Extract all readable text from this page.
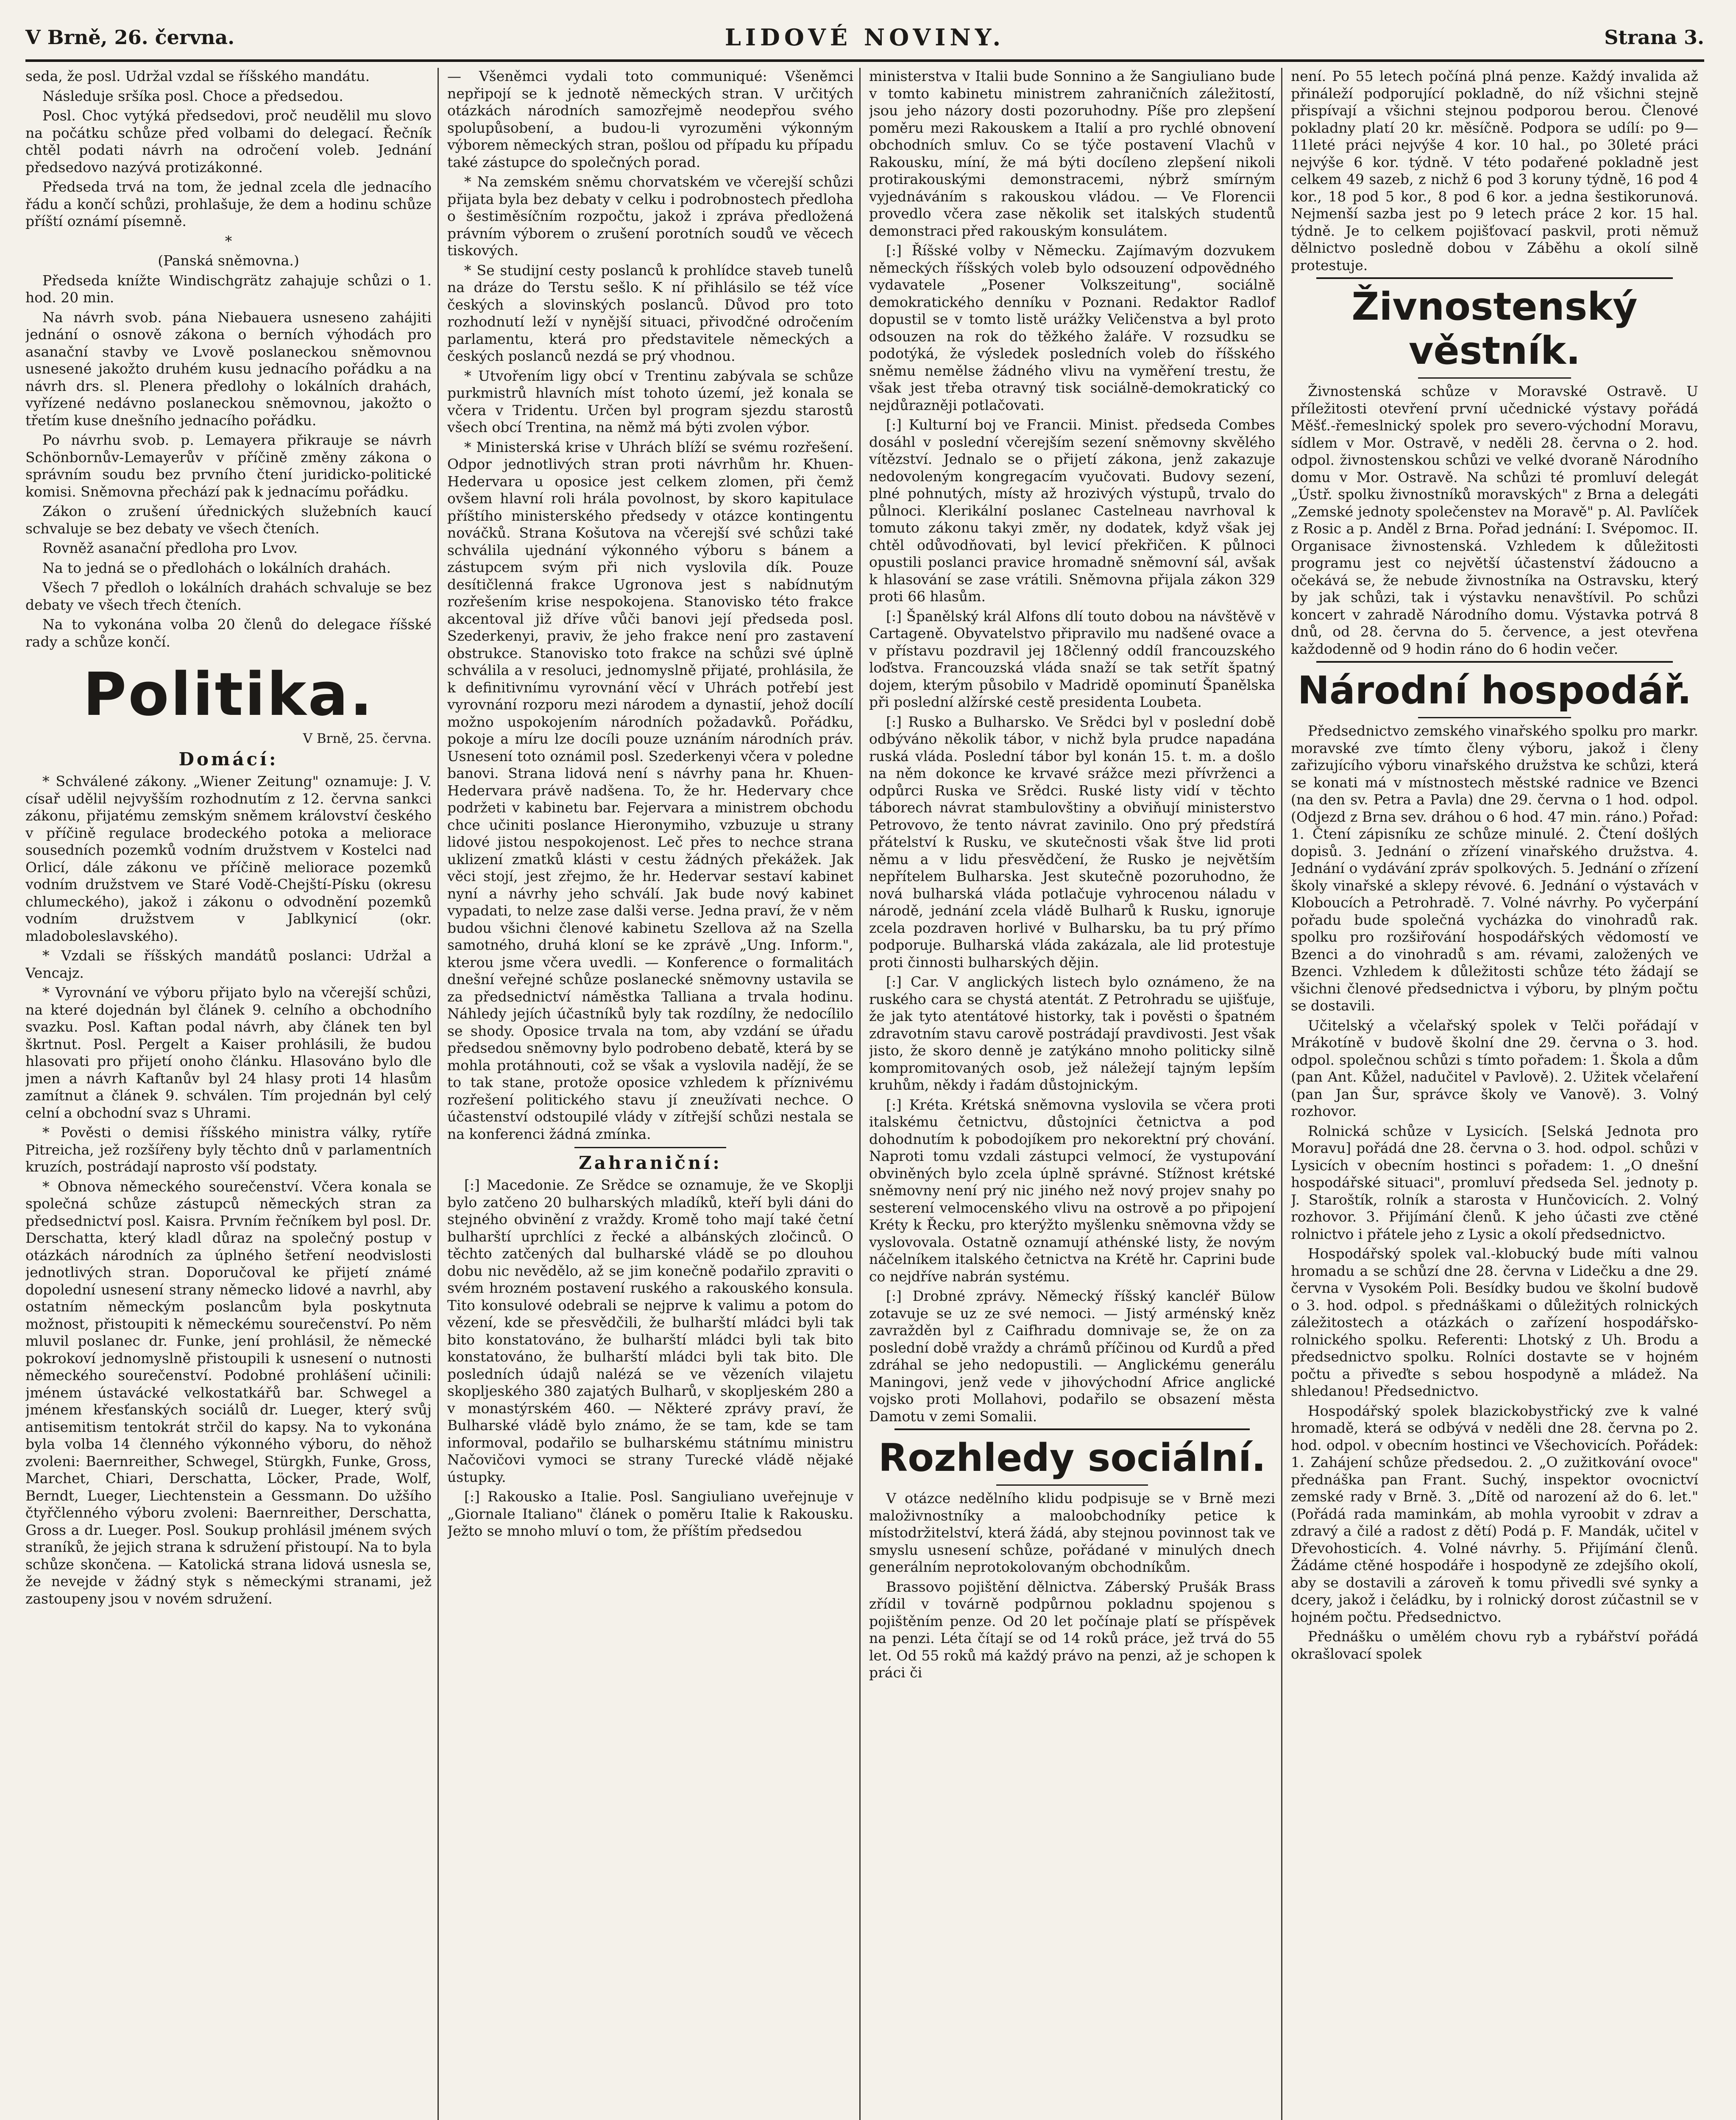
V Brně, 26. června.	LIDOVÉ NOVINY.	Strana 3.

seda, že posl. Udržal vzdal se říšského mandátu.

Následuje sršíka posl. Choce a předsedou.

Posl. Choc vytýká předsedovi, proč neudělil mu slovo na počátku schůze před volbami do delegací. Řečník chtěl podati návrh na odročení voleb. Jednání předsedovo nazývá protizákonné.

Předseda trvá na tom, že jednal zcela dle jednacího řádu a končí schůzi, prohlašuje, že dem a hodinu schůze příští oznámí písemně.

*

(Panská sněmovna.)

Předseda knížte Windischgrätz zahajuje schůzi o 1. hod. 20 min.

Na návrh svob. pána Niebauera usneseno zahájiti jednání o osnově zákona o berních výhodách pro asanační stavby ve Lvově poslaneckou sněmovnou usnesené jakožto druhém kusu jednacího pořádku a na návrh drs. sl. Plenera předlohy o lokálních drahách, vyřízené nedávno poslaneckou sněmovnou, jakožto o třetím kuse dnešního jednacího pořádku.

Po návrhu svob. p. Lemayera přikrauje se návrh Schönbornův-Lemayerův v příčině změny zákona o správním soudu bez prvního čtení juridicko-politické komisi. Sněmovna přechází pak k jednacímu pořádku.

Zákon o zrušení úřednických služebních kaucí schvaluje se bez debaty ve všech čteních.

Rovněž asanační předloha pro Lvov.

Na to jedná se o předlohách o lokálních drahách.

Všech 7 předloh o lokálních drahách schvaluje se bez debaty ve všech třech čteních.

Na to vykonána volba 20 členů do delegace říšské rady a schůze končí.

Politika.
V Brně, 25. června.
Domácí:

* Schválené zákony. „Wiener Zeitung" oznamuje: J. V. císař udělil nejvyšším rozhodnutím z 12. června sankci zákonu, přijatému zemským sněmem království českého v příčině regulace brodeckého potoka a meliorace sousedních pozemků vodním družstvem v Kostelci nad Orlicí, dále zákonu ve příčině meliorace pozemků vodním družstvem ve Staré Vodě-Chejští-Písku (okresu chlumeckého), jakož i zákonu o odvodnění pozemků vodním družstvem v Jablkynicí (okr. mladoboleslavského).

* Vzdali se říšských mandátů poslanci: Udržal a Vencajz.

* Vyrovnání ve výboru přijato bylo na včerejší schůzi, na které dojednán byl článek 9. celního a obchodního svazku. Posl. Kaftan podal návrh, aby článek ten byl škrtnut. Posl. Pergelt a Kaiser prohlásili, že budou hlasovati pro přijetí onoho článku. Hlasováno bylo dle jmen a návrh Kaftanův byl 24 hlasy proti 14 hlasům zamítnut a článek 9. schválen. Tím projednán byl celý celní a obchodní svaz s Uhrami.

* Pověsti o demisi říšského ministra války, rytíře Pitreicha, jež rozšířeny byly těchto dnů v parlamentních kruzích, postrádají naprosto vší podstaty.

* Obnova německého sourečenství. Včera konala se společná schůze zástupců německých stran za předsednictví posl. Kaisra. Prvním řečníkem byl posl. Dr. Derschatta, který kladl důraz na společný postup v otázkách národních za úplného šetření neodvislosti jednotlivých stran. Doporučoval ke přijetí známé dopolední usnesení strany německo lidové a navrhl, aby ostatním německým poslancům byla poskytnuta možnost, přistoupiti k německému sourečenství. Po něm mluvil poslanec dr. Funke, jení prohlásil, že německé pokrokoví jednomyslně přistoupili k usnesení o nutnosti německého sourečenství. Podobné prohlášení učinili: jménem ústavácké velkostatkářů bar. Schwegel a jménem křesťanských sociálů dr. Lueger, který svůj antisemitism tentokrát strčil do kapsy. Na to vykonána byla volba 14 členného výkonného výboru, do něhož zvoleni: Baernreither, Schwegel, Stürgkh, Funke, Gross, Marchet, Chiari, Derschatta, Löcker, Prade, Wolf, Berndt, Lueger, Liechtenstein a Gessmann. Do užšího čtyřčlenného výboru zvoleni: Baernreither, Derschatta, Gross a dr. Lueger. Posl. Soukup prohlásil jménem svých straníků, že jejich strana k sdružení přistoupí. Na to byla schůze skončena. — Katolická strana lidová usnesla se, že nevejde v žádný styk s německými stranami, jež zastoupeny jsou v novém sdružení.

— Všeněmci vydali toto communiqué: Všeněmci nepřipojí se k jednotě německých stran. V určitých otázkách národních samozřejmě neodepřou svého spolupůsobení, a budou-li vyrozuměni výkonným výborem německých stran, pošlou od případu ku případu také zástupce do společných porad.

* Na zemském sněmu chorvatském ve včerejší schůzi přijata byla bez debaty v celku i podrobnostech předloha o šestiměsíčním rozpočtu, jakož i zpráva předložená právním výborem o zrušení porotních soudů ve věcech tiskových.

* Se studijní cesty poslanců k prohlídce staveb tunelů na dráze do Terstu sešlo. K ní přihlásilo se též více českých a slovinských poslanců. Důvod pro toto rozhodnutí leží v nynější situaci, přivodčné odročením parlamentu, která pro představitele německých a českých poslanců nezdá se prý vhodnou.

* Utvořením ligy obcí v Trentinu zabývala se schůze purkmistrů hlavních míst tohoto území, jež konala se včera v Tridentu. Určen byl program sjezdu starostů všech obcí Trentina, na němž má býti zvolen výbor.

* Ministerská krise v Uhrách blíží se svému rozřešení. Odpor jednotlivých stran proti návrhům hr. Khuen-Hedervara u oposice jest celkem zlomen, při čemž ovšem hlavní roli hrála povolnost, by skoro kapitulace příštího ministerského předsedy v otázce kontingentu nováčků. Strana Košutova na včerejší své schůzi také schválila ujednání výkonného výboru s bánem a zástupcem svým při nich vyslovila dík. Pouze desítičlenná frakce Ugronova jest s nabídnutým rozřešením krise nespokojena. Stanovisko této frakce akcentoval již dříve vůči banovi její předseda posl. Szederkenyi, praviv, že jeho frakce není pro zastavení obstrukce. Stanovisko toto frakce na schůzi své úplně schválila a v resoluci, jednomyslně přijaté, prohlásila, že k definitivnímu vyrovnání věcí v Uhrách potřebí jest vyrovnání rozporu mezi národem a dynastií, jehož docílí možno uspokojením národních požadavků. Pořádku, pokoje a míru lze docíli pouze uznáním národních práv. Usnesení toto oznámil posl. Szederkenyi včera v poledne banovi. Strana lidová není s návrhy pana hr. Khuen-Hedervara právě nadšena. To, že hr. Hedervary chce podržeti v kabinetu bar. Fejervara a ministrem obchodu chce učiniti poslance Hieronymiho, vzbuzuje u strany lidové jistou nespokojenost. Leč přes to nechce strana uklizení zmatků klásti v cestu žádných překážek. Jak věci stojí, jest zřejmo, že hr. Hedervar sestaví kabinet nyní a návrhy jeho schválí. Jak bude nový kabinet vypadati, to nelze zase dalši verse. Jedna praví, že v něm budou všichni členové kabinetu Szellova až na Szella samotného, druhá kloní se ke zprávě „Ung. Inform.", kterou jsme včera uvedli. — Konference o formalitách dnešní veřejné schůze poslanecké sněmovny ustavila se za předsednictví náměstka Talliana a trvala hodinu. Náhledy jejích účastníků byly tak rozdílny, že nedocílilo se shody. Oposice trvala na tom, aby vzdání se úřadu předsedou sněmovny bylo podrobeno debatě, která by se mohla protáhnouti, což se však a vyslovila nadějí, že se to tak stane, protože oposice vzhledem k příznivému rozřešení politického stavu jí zneužívati nechce. O účastenství odstoupilé vlády v zítřejší schůzi nestala se na konferenci žádná zmínka.

Zahraniční:

[:] Macedonie. Ze Srědce se oznamuje, že ve Skoplji bylo zatčeno 20 bulharských mladíků, kteří byli dáni do stejného obvinění z vraždy. Kromě toho mají také četní bulharští uprchlíci z řecké a albánských zločinců. O těchto zatčených dal bulharské vládě se po dlouhou dobu nic nevědělo, až se jim konečně podařilo zpraviti o svém hrozném postavení ruského a rakouského konsula. Tito konsulové odebrali se nejprve k valimu a potom do vězení, kde se přesvědčili, že bulharští mládci byli tak bito konstatováno, že bulharští mládci byli tak bito konstatováno, že bulharští mládci byli tak bito. Dle posledních údajů nalézá se ve vězeních vilajetu skopljeského 380 zajatých Bulharů, v skopljeském 280 a v monastýrském 460. — Některé zprávy praví, že Bulharské vládě bylo známo, že se tam, kde se tam informoval, podařilo se bulharskému státnímu ministru Načovičovi vymoci se strany Turecké vládě nějaké ústupky.

[:] Rakousko a Italie. Posl. Sangiuliano uveřejnuje v „Giornale Italiano" článek o poměru Italie k Rakousku. Ježto se mnoho mluví o tom, že příštím předsedou

ministerstva v Italii bude Sonnino a že Sangiuliano bude v tomto kabinetu ministrem zahraničních záležitostí, jsou jeho názory dosti pozoruhodny. Píše pro zlepšení poměru mezi Rakouskem a Italií a pro rychlé obnovení obchodních smluv. Co se týče postavení Vlachů v Rakousku, míní, že má býti docíleno zlepšení nikoli protirakouskými demonstracemi, nýbrž smírným vyjednáváním s rakouskou vládou. — Ve Florencii provedlo včera zase několik set italských studentů demonstraci před rakouským konsulátem.

[:] Říšské volby v Německu. Zajímavým dozvukem německých říšských voleb bylo odsouzení odpovědného vydavatele „Posener Volkszeitung", sociálně demokratického denníku v Poznani. Redaktor Radlof dopustil se v tomto listě urážky Veličenstva a byl proto odsouzen na rok do těžkého žaláře. V rozsudku se podotýká, že výsledek posledních voleb do říšského sněmu nemělse žádného vlivu na vyměření trestu, že však jest třeba otravný tisk sociálně-demokratický co nejdůrazněji potlačovati.

[:] Kulturní boj ve Francii. Minist. předseda Combes dosáhl v poslední včerejším sezení sněmovny skvělého vítězství. Jednalo se o přijetí zákona, jenž zakazuje nedovoleným kongregacím vyučovati. Budovy sezení, plné pohnutých, místy až hrozivých výstupů, trvalo do půlnoci. Klerikální poslanec Castelneau navrhoval k tomuto zákonu takyi změr, ny dodatek, když však jej chtěl odůvodňovati, byl levicí překřičen. K půlnoci opustili poslanci pravice hromadně sněmovní sál, avšak k hlasování se zase vrátili. Sněmovna přijala zákon 329 proti 66 hlasům.

[:] Španělský král Alfons dlí touto dobou na návštěvě v Cartageně. Obyvatelstvo připravilo mu nadšené ovace a v přístavu pozdravil jej 18členný oddíl francouzského loďstva. Francouzská vláda snaží se tak setřít špatný dojem, kterým působilo v Madridě opominutí Španělska při poslední alžírské cestě presidenta Loubeta.

[:] Rusko a Bulharsko. Ve Srědci byl v poslední době odbýváno několik tábor, v nichž byla prudce napadána ruská vláda. Poslední tábor byl konán 15. t. m. a došlo na něm dokonce ke krvavé srážce mezi přívrženci a odpůrci Ruska ve Srědci. Ruské listy vidí v těchto táborech návrat stambulovštiny a obviňují ministerstvo Petrovovo, že tento návrat zavinilo. Ono prý předstírá přátelství k Rusku, ve skutečnosti však štve lid proti němu a v lidu přesvědčení, že Rusko je největším nepřítelem Bulharska. Jest skutečně pozoruhodno, že nová bulharská vláda potlačuje vyhrocenou náladu v národě, jednání zcela vládě Bulharů k Rusku, ignoruje zcela pozdraven horlivé v Bulharsku, ba tu prý přímo podporuje. Bulharská vláda zakázala, ale lid protestuje proti činnosti bulharských dějin.

[:] Car. V anglických listech bylo oznámeno, že na ruského cara se chystá atentát. Z Petrohradu se ujišťuje, že jak tyto atentátové historky, tak i pověsti o špatném zdravotním stavu carově postrádají pravdivosti. Jest však jisto, že skoro denně je zatýkáno mnoho politicky silně kompromitovaných osob, jež náležejí tajným lepším kruhům, někdy i řadám důstojnickým.

[:] Kréta. Krétská sněmovna vyslovila se včera proti italskému četnictvu, důstojníci četnictva a pod dohodnutím k pobodojíkem pro nekorektní prý chování. Naproti tomu vzdali zástupci velmocí, že vystupování obviněných bylo zcela úplně správné. Stížnost krétské sněmovny není prý nic jiného než nový projev snahy po sesterení velmocenského vlivu na ostrově a po připojení Kréty k Řecku, pro kterýžto myšlenku sněmovna vždy se vyslovovala. Ostatně oznamují athénské listy, že novým náčelníkem italského četnictva na Krétě hr. Caprini bude co nejdříve nabrán systému.

[:] Drobné zprávy. Německý říšský kancléř Bülow zotavuje se uz ze své nemoci. — Jistý arménský kněz zavražděn byl z Caifhradu domnivaje se, že on za poslední době vraždy a chrámů příčinou od Kurdů a před zdráhal se jeho nedopustili. — Anglickému generálu Maningovi, jenž vede v jihovýchodní Africe anglické vojsko proti Mollahovi, podařilo se obsazení města Damotu v zemi Somalii.

Rozhledy sociální.

V otázce nedělního klidu podpisuje se v Brně mezi maloživnostníky a maloobchodníky petice k místodržitelství, která žádá, aby stejnou povinnost tak ve smyslu usnesení schůze, pořádané v minulých dnech generálním neprotokolovaným obchodníkům.

Brassovo pojištění dělnictva. Záberský Prušák Brass zřídil v továrně podpůrnou pokladnu spojenou s pojištěním penze. Od 20 let počínaje platí se příspěvek na penzi. Léta čítají se od 14 roků práce, jež trvá do 55 let. Od 55 roků má každý právo na penzi, až je schopen k práci či

není. Po 55 letech počíná plná penze. Každý invalida až přináleží podporující pokladně, do níž všichni stejně přispívají a všichni stejnou podporou berou. Členové pokladny platí 20 kr. měsíčně. Podpora se udílí: po 9—11leté práci nejvýše 4 kor. 10 hal., po 30leté práci nejvýše 6 kor. týdně. V této podařené pokladně jest celkem 49 sazeb, z nichž 6 pod 3 koruny týdně, 16 pod 4 kor., 18 pod 5 kor., 8 pod 6 kor. a jedna šestikorunová. Nejmenší sazba jest po 9 letech práce 2 kor. 15 hal. týdně. Je to celkem pojišťovací paskvil, proti němuž dělnictvo posledně dobou v Záběhu a okolí silně protestuje.

Živnostenský věstník.

Živnostenská schůze v Moravské Ostravě. U příležitosti otevření první učednické výstavy pořádá Měšť.-řemeslnický spolek pro severo-východní Moravu, sídlem v Mor. Ostravě, v neděli 28. června o 2. hod. odpol. živnostenskou schůzi ve velké dvoraně Národního domu v Mor. Ostravě. Na schůzi té promluví delegát „Ústř. spolku živnostníků moravských" z Brna a delegáti „Zemské jednoty společenstev na Moravě" p. Al. Pavlíček z Rosic a p. Anděl z Brna. Pořad jednání: I. Svépomoc. II. Organisace živnostenská. Vzhledem k důležitosti programu jest co největší účastenství žádoucno a očekává se, že nebude živnostníka na Ostravsku, který by jak schůzi, tak i výstavku nenavštívil. Po schůzi koncert v zahradě Národního domu. Výstavka potrvá 8 dnů, od 28. června do 5. července, a jest otevřena každodenně od 9 hodin ráno do 6 hodin večer.

Národní hospodář.

Předsednictvo zemského vinařského spolku pro markr. moravské zve tímto členy výboru, jakož i členy zařizujícího výboru vinařského družstva ke schůzi, která se konati má v místnostech městské radnice ve Bzenci (na den sv. Petra a Pavla) dne 29. června o 1 hod. odpol. (Odjezd z Brna sev. dráhou o 6 hod. 47 min. ráno.) Pořad: 1. Čtení zápisníku ze schůze minulé. 2. Čtení došlých dopisů. 3. Jednání o zřízení vinařského družstva. 4. Jednání o vydávání zpráv spolkových. 5. Jednání o zřízení školy vinařské a sklepy révové. 6. Jednání o výstavách v Kloboucích a Petrohradě. 7. Volné návrhy. Po vyčerpání pořadu bude společná vycházka do vinohradů rak. spolku pro rozšiřování hospodářských vědomostí ve Bzenci a do vinohradů s am. révami, založených ve Bzenci. Vzhledem k důležitosti schůze této žádají se všichni členové předsednictva i výboru, by plným počtu se dostavili.

Učitelský a včelařský spolek v Telči pořádají v Mrákotíně v budově školní dne 29. června o 3. hod. odpol. společnou schůzi s tímto pořadem: 1. Škola a dům (pan Ant. Kůžel, nadučitel v Pavlově). 2. Užitek včelaření (pan Jan Šur, správce školy ve Vanově). 3. Volný rozhovor.

Rolnická schůze v Lysicích. [Selská Jednota pro Moravu] pořádá dne 28. června o 3. hod. odpol. schůzi v Lysicích v obecním hostinci s pořadem: 1. „O dnešní hospodářské situaci", promluví předseda Sel. jednoty p. J. Staroštík, rolník a starosta v Hunčovicích. 2. Volný rozhovor. 3. Přijímání členů. K jeho účasti zve ctěné rolnictvo i přátele jeho z Lysic a okolí předsednictvo.

Hospodářský spolek val.-klobucký bude míti valnou hromadu a se schůzí dne 28. června v Lidečku a dne 29. června v Vysokém Poli. Besídky budou ve školní budově o 3. hod. odpol. s přednáškami o důležitých rolnických záležitostech a otázkách o zařízení hospodářsko-rolnického spolku. Referenti: Lhotský z Uh. Brodu a předsednictvo spolku. Rolníci dostavte se v hojném počtu a přiveďte s sebou hospodyně a mládež. Na shledanou! Předsednictvo.

Hospodářský spolek blazickobystřický zve k valné hromadě, která se odbývá v neděli dne 28. června po 2. hod. odpol. v obecním hostinci ve Všechovicích. Pořádek: 1. Zahájení schůze předsedou. 2. „O zužitkování ovoce" přednáška pan Frant. Suchý, inspektor ovocnictví zemské rady v Brně. 3. „Dítě od narození až do 6. let." (Pořádá rada maminkám, ab mohla vyroobit v zdrav a zdravý a čilé a radost z dětí) Podá p. F. Mandák, učitel v Dřevohosticích. 4. Volné návrhy. 5. Přijímání členů. Žádáme ctěné hospodáře i hospodyně ze zdejšího okolí, aby se dostavili a zároveň k tomu přivedli své synky a dcery, jakož i čeládku, by i rolnický dorost zúčastnil se v hojném počtu. Předsednictvo.

Přednášku o umělém chovu ryb a rybářství pořádá okrašlovací spolek
